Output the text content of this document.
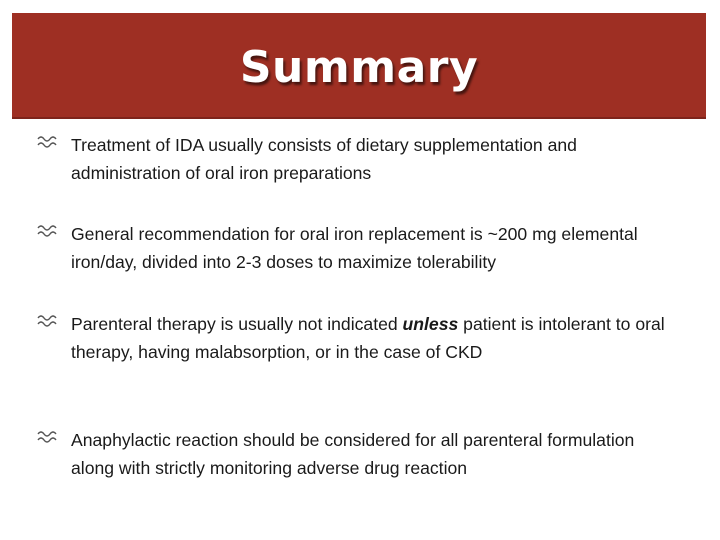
Summary
Treatment of IDA usually consists of dietary supplementation and administration of oral iron preparations
General recommendation for oral iron replacement is ~200 mg elemental iron/day, divided into 2-3 doses to maximize tolerability
Parenteral therapy is usually not indicated unless patient is intolerant to oral therapy, having malabsorption, or in the case of CKD
Anaphylactic reaction should be considered for all parenteral formulation along with strictly monitoring adverse drug reaction
